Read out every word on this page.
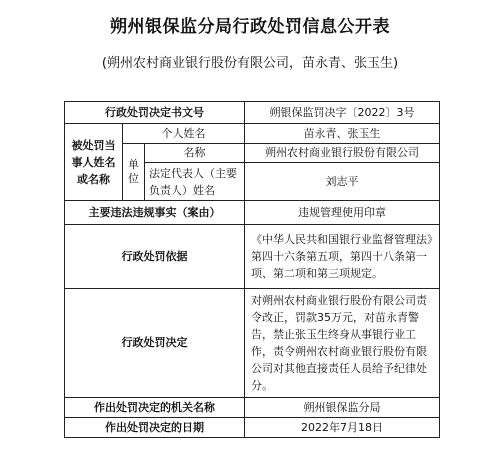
朔州银保监分局行政处罚信息公开表
(朔州农村商业银行股份有限公司，苗永青、张玉生)
行政处罚决定书文号			朔银保监罚决字〔2022〕3号
被处罚当事人姓名或名称	个人姓名		苗永青、张玉生
	单位	名称	朔州农村商业银行股份有限公司
		法定代表人（主要负责人）姓名	刘志平
主要违法违规事实（案由）			违规管理使用印章
行政处罚依据			《中华人民共和国银行业监督管理法》第四十六条第五项，第四十八条第一项、第二项和第三项规定。
行政处罚决定			对朔州农村商业银行股份有限公司责令改正，罚款35万元，对苗永青警告，禁止张玉生终身从事银行业工作，责令朔州农村商业银行股份有限公司对其他直接责任人员给予纪律处分。
作出处罚决定的机关名称			朔州银保监分局
作出处罚决定的日期			2022年7月18日
